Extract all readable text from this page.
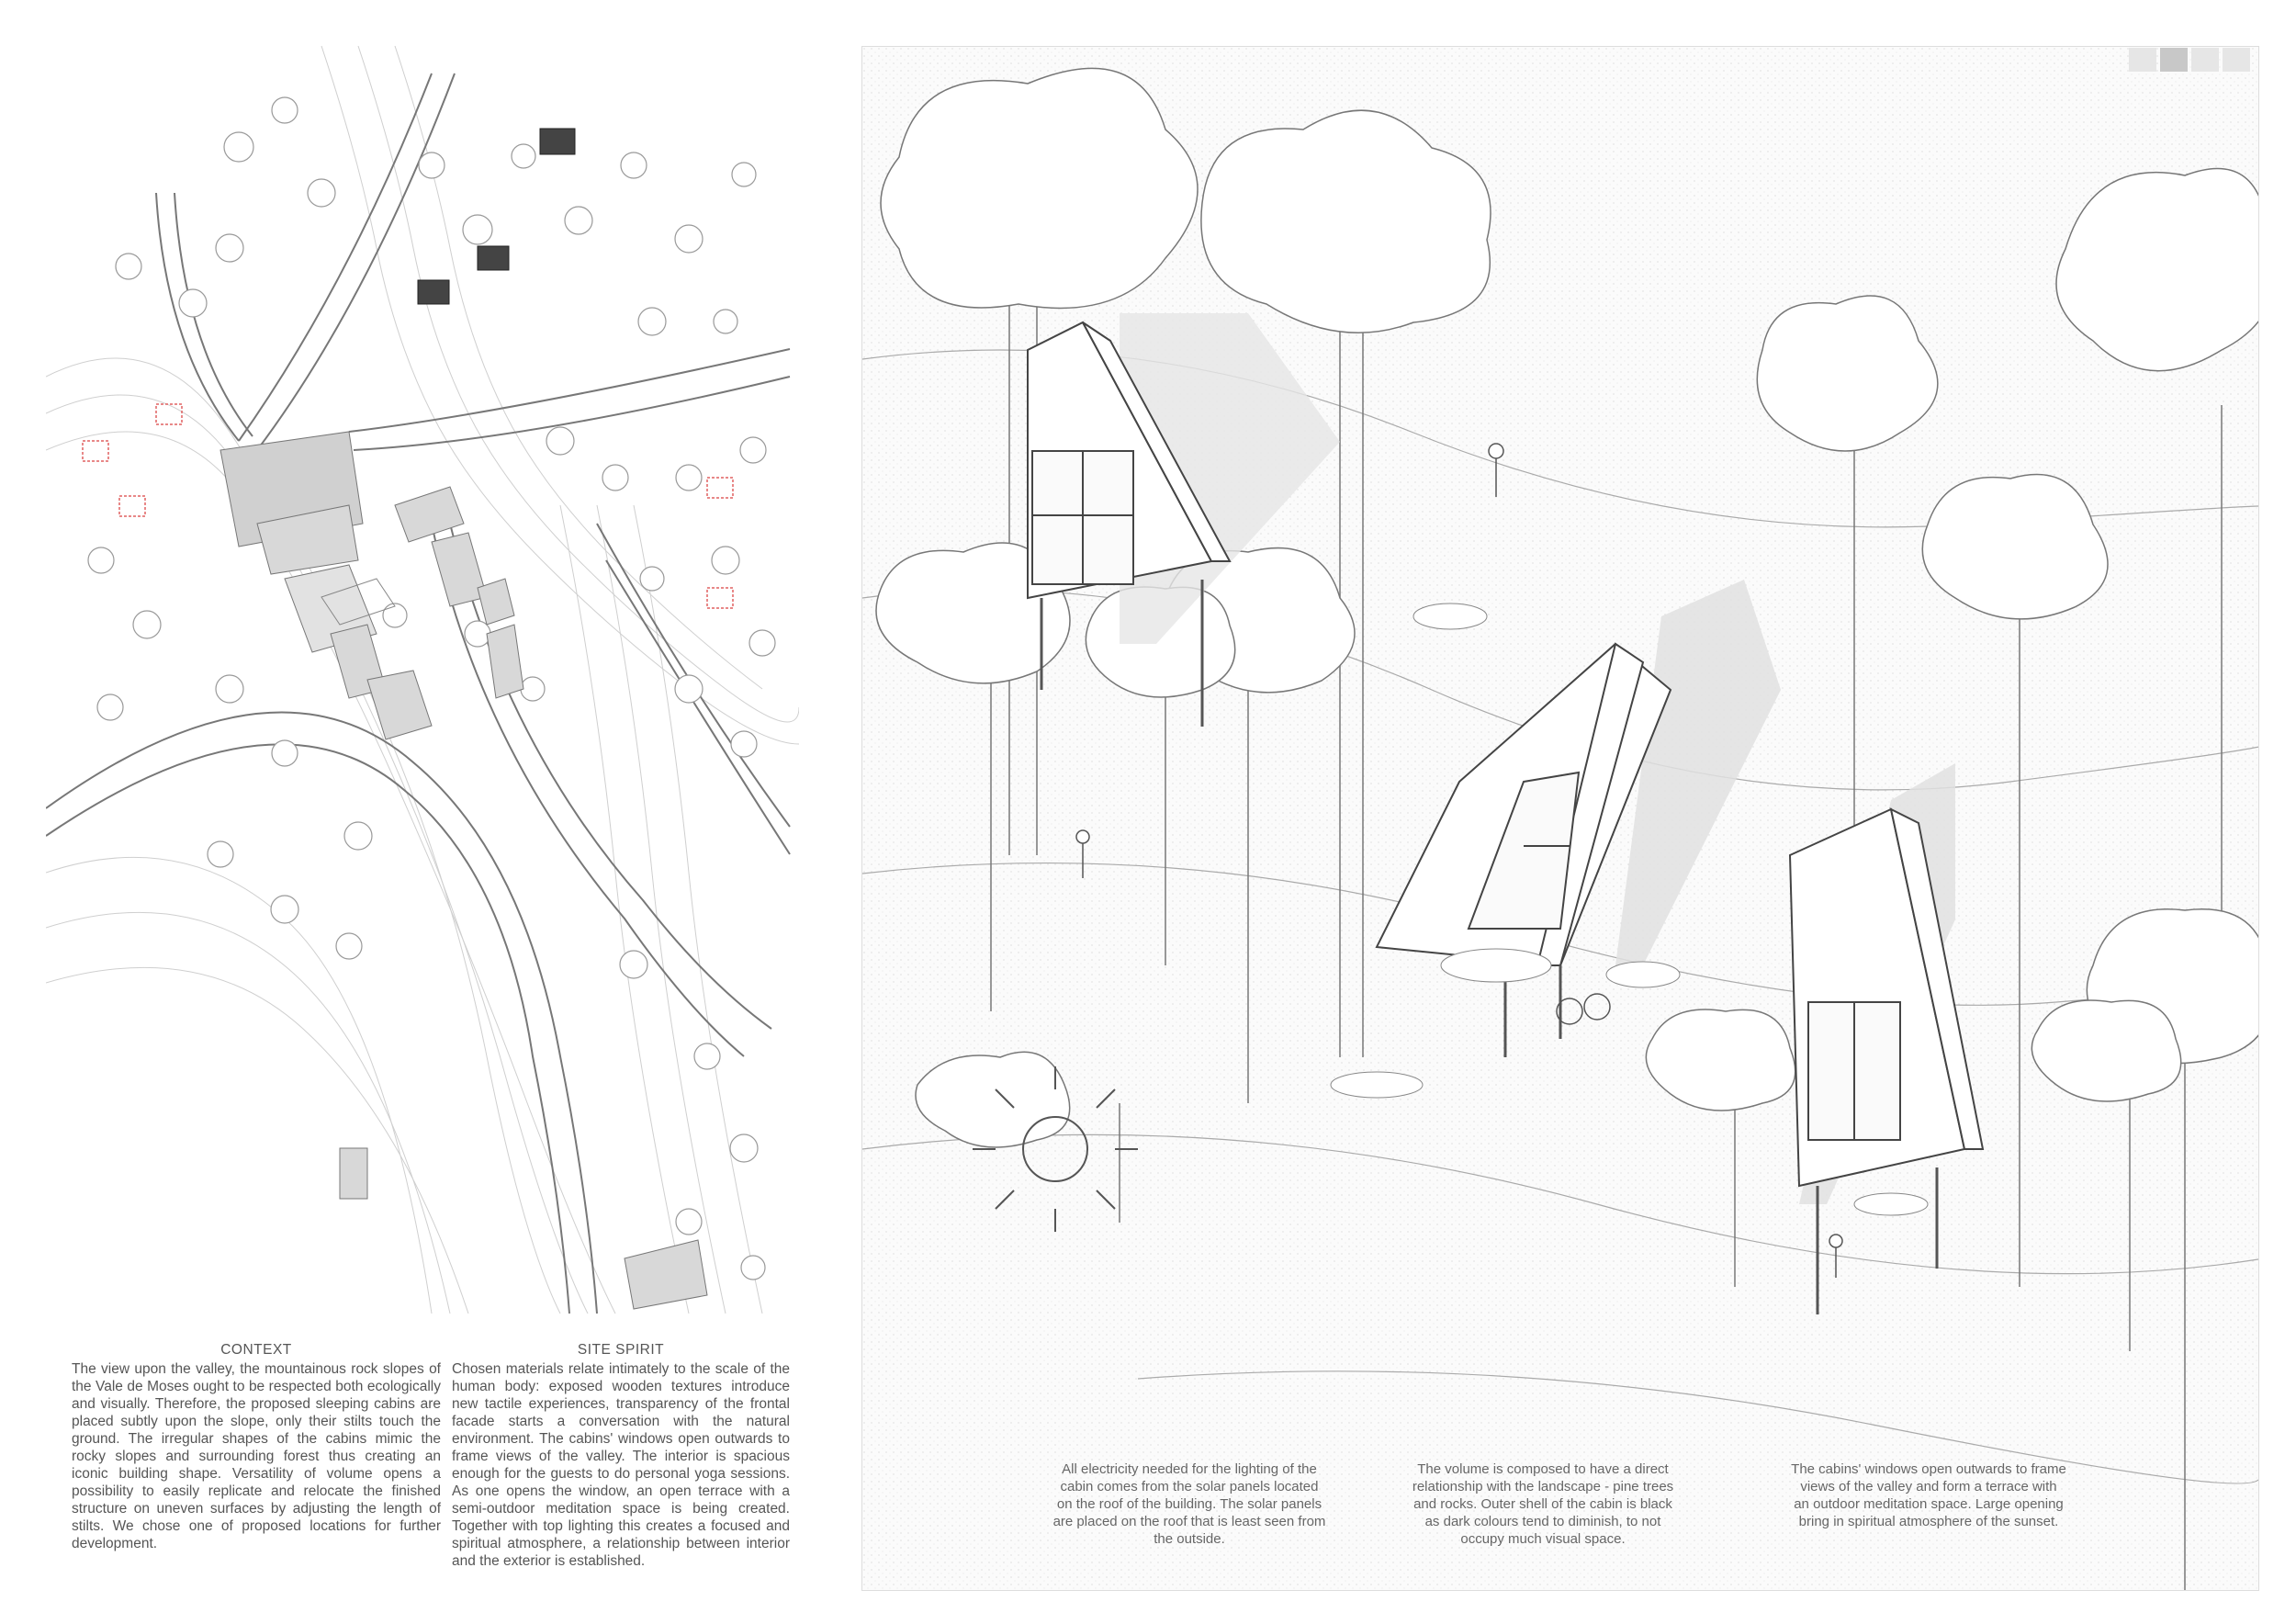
CONTEXT
The view upon the valley, the mountainous rock slopes of the Vale de Moses ought to be respected both ecologically and visually. Therefore, the proposed sleeping cabins are placed subtly upon the slope, only their stilts touch the ground. The irregular shapes of the cabins mimic the rocky slopes and surrounding forest thus creating an iconic building shape. Versatility of volume opens a possibility to easily replicate and relocate the finished structure on uneven surfaces by adjusting the length of stilts. We chose one of proposed locations for further development.
SITE SPIRIT
Chosen materials relate intimately to the scale of the human body: exposed wooden textures introduce new tactile experiences, transparency of the frontal facade starts a conversation with the natural environment. The cabins' windows open outwards to frame views of the valley. The interior is spacious enough for the guests to do personal yoga sessions. As one opens the window, an open terrace with a semi-outdoor meditation space is being created. Together with top lighting this creates a focused and spiritual atmosphere, a relationship between interior and the exterior is established.
All electricity needed for the lighting of the cabin comes from the solar panels located on the roof of the building. The solar panels are placed on the roof that is least seen from the outside.
The volume is composed to have a direct relationship with the landscape - pine trees and rocks. Outer shell of the cabin is black as dark colours tend to diminish, to not occupy much visual space.
The cabins' windows open outwards to frame views of the valley and form a terrace with an outdoor meditation space. Large opening bring in spiritual atmosphere of the sunset.
